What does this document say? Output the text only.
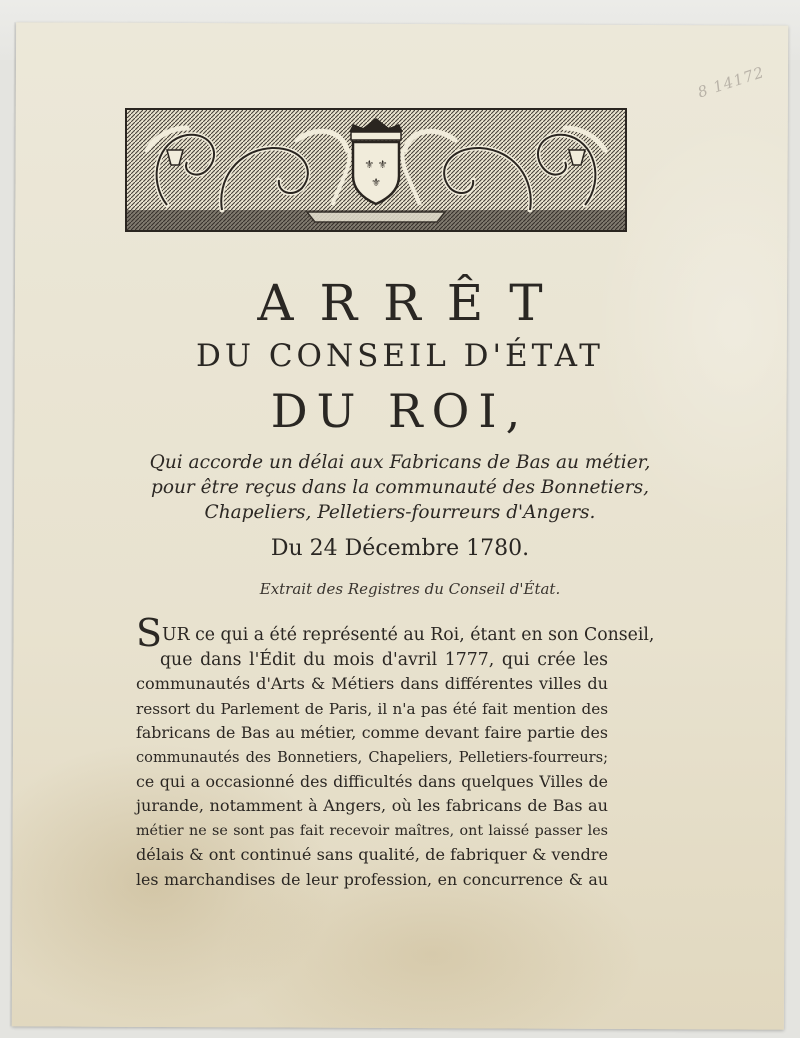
8 14172
⚜ ⚜
⚜
ARRÊT
DU CONSEIL D'ÉTAT
DU ROI,
Qui accorde un délai aux Fabricans de Bas au métier,
pour être reçus dans la communauté des Bonnetiers,
Chapeliers, Pelletiers-fourreurs d'Angers.
Du 24 Décembre 1780.
Extrait des Registres du Conseil d'État.
S UR ce qui a été représenté au Roi, étant en son Conseil,
que dans l'Édit du mois d'avril 1777, qui crée les
communautés d'Arts & Métiers dans différentes villes du
ressort du Parlement de Paris, il n'a pas été fait mention des
fabricans de Bas au métier, comme devant faire partie des
communautés des Bonnetiers, Chapeliers, Pelletiers-fourreurs;
ce qui a occasionné des difficultés dans quelques Villes de
jurande, notamment à Angers, où les fabricans de Bas au
métier ne se sont pas fait recevoir maîtres, ont laissé passer les
délais & ont continué sans qualité, de fabriquer & vendre
les marchandises de leur profession, en concurrence & au
